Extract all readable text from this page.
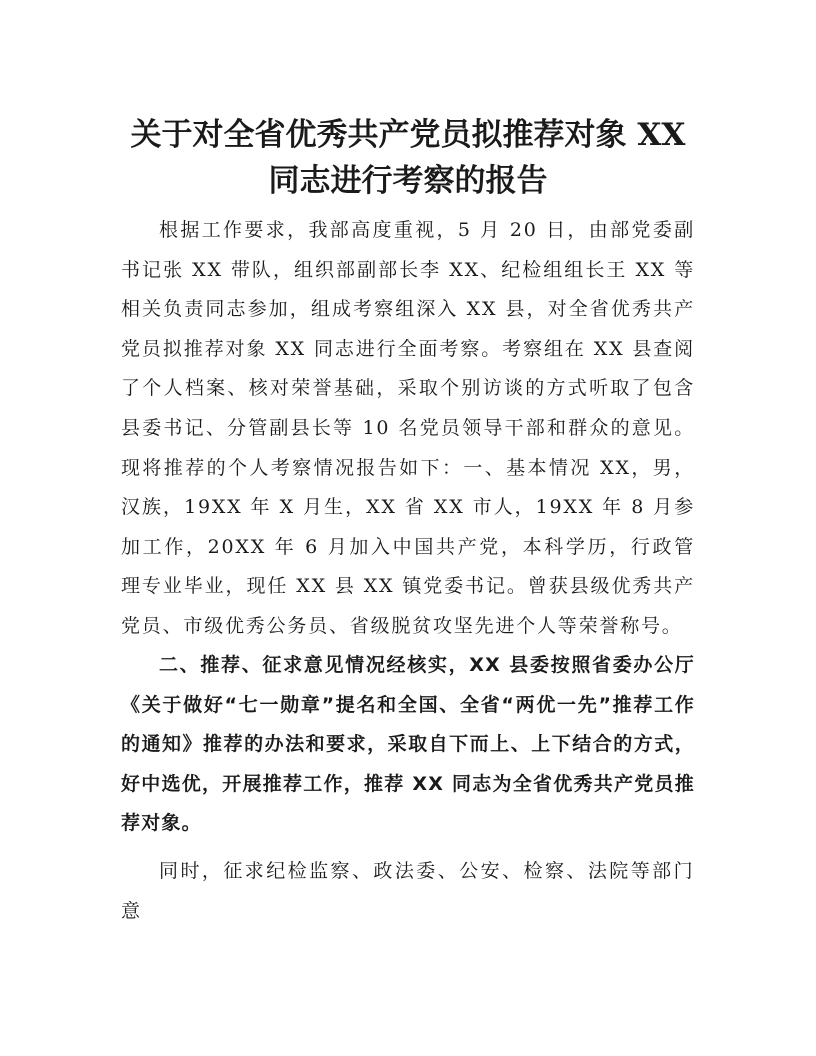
关于对全省优秀共产党员拟推荐对象 XX 同志进行考察的报告

根据工作要求，我部高度重视，5 月 20 日，由部党委副书记张 XX 带队，组织部副部长李 XX、纪检组组长王 XX 等相关负责同志参加，组成考察组深入 XX 县，对全省优秀共产党员拟推荐对象 XX 同志进行全面考察。考察组在 XX 县查阅了个人档案、核对荣誉基础，采取个别访谈的方式听取了包含县委书记、分管副县长等 10 名党员领导干部和群众的意见。现将推荐的个人考察情况报告如下：一、基本情况 XX，男，汉族，19XX 年 X 月生，XX 省 XX 市人，19XX 年 8 月参加工作，20XX 年 6 月加入中国共产党，本科学历，行政管理专业毕业，现任 XX 县 XX 镇党委书记。曾获县级优秀共产党员、市级优秀公务员、省级脱贫攻坚先进个人等荣誉称号。

二、推荐、征求意见情况经核实，XX 县委按照省委办公厅《关于做好“七一勋章”提名和全国、全省“两优一先”推荐工作的通知》推荐的办法和要求，采取自下而上、上下结合的方式，好中选优，开展推荐工作，推荐 XX 同志为全省优秀共产党员推荐对象。

同时，征求纪检监察、政法委、公安、检察、法院等部门意
